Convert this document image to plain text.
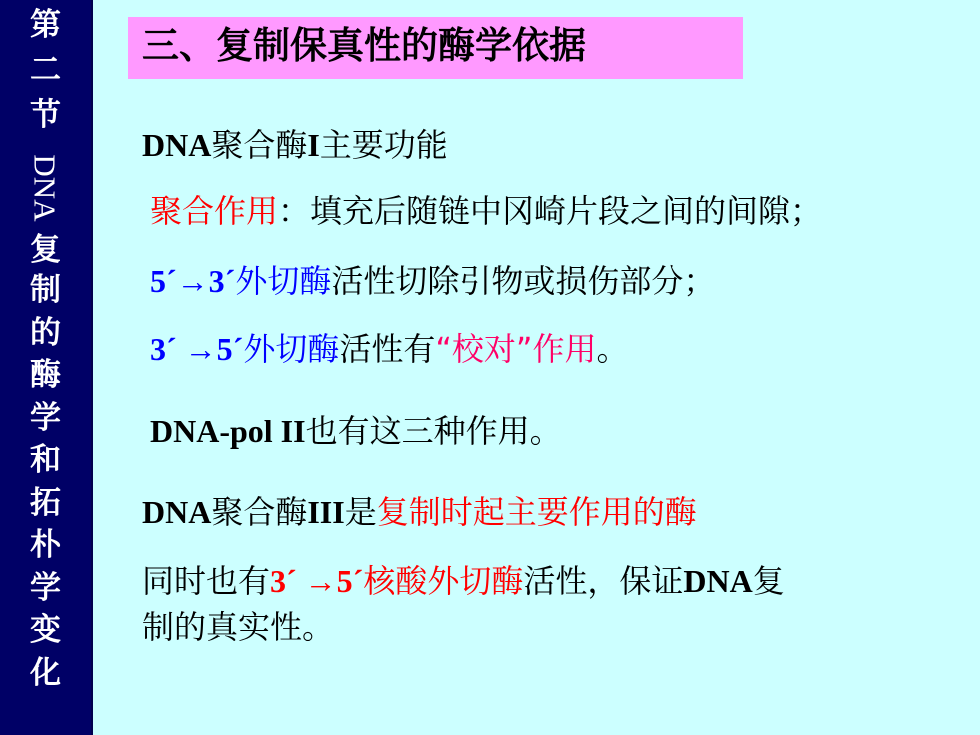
第
二
节
DNA
复
制
的
酶
学
和
拓
朴
学
变
化
三、复制保真性的酶学依据
DNA聚合酶I主要功能
聚合作用：填充后随链中冈崎片段之间的间隙；
5´→3´外切酶活性切除引物或损伤部分；
3´ →5´外切酶活性有“校对”作用。
DNA-pol II也有这三种作用。
DNA聚合酶III是复制时起主要作用的酶
同时也有3´ →5´核酸外切酶活性，保证DNA复
制的真实性。
